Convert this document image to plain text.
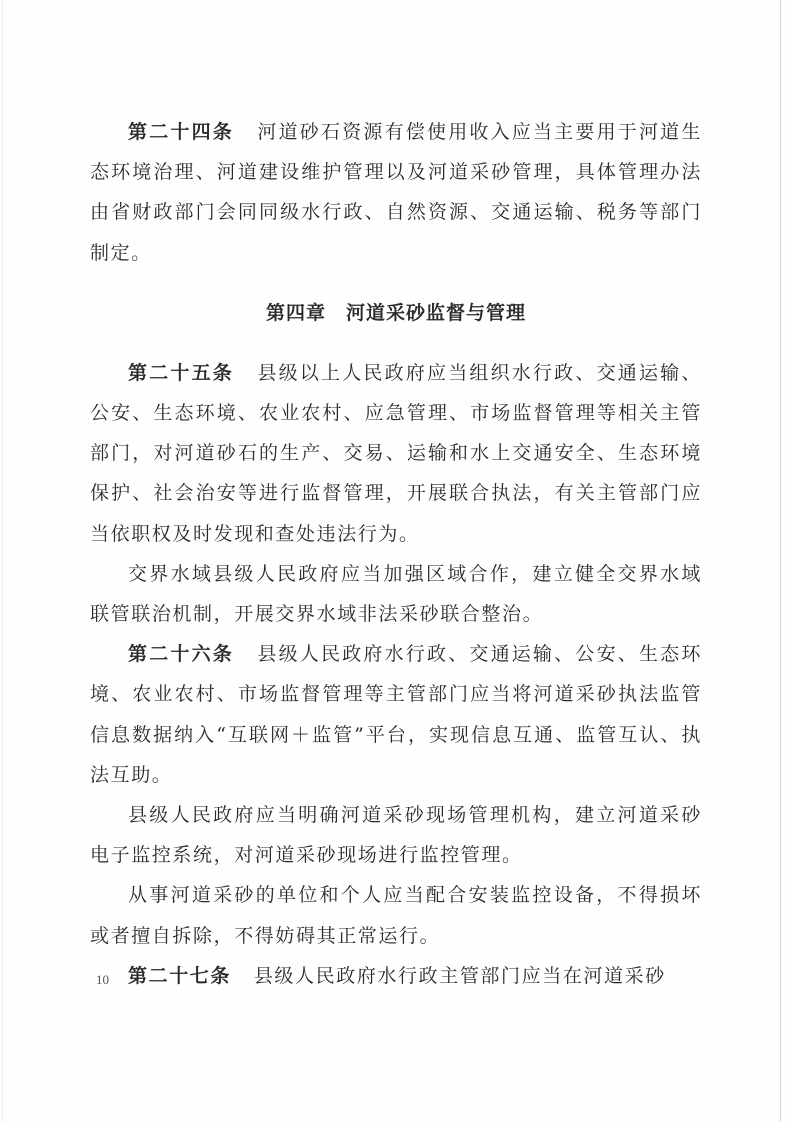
第二十四条 河道砂石资源有偿使用收入应当主要用于河道生态环境治理、河道建设维护管理以及河道采砂管理，具体管理办法由省财政部门会同同级水行政、自然资源、交通运输、税务等部门制定。

第四章　河道采砂监督与管理

第二十五条 县级以上人民政府应当组织水行政、交通运输、公安、生态环境、农业农村、应急管理、市场监督管理等相关主管部门，对河道砂石的生产、交易、运输和水上交通安全、生态环境保护、社会治安等进行监督管理，开展联合执法，有关主管部门应当依职权及时发现和查处违法行为。

交界水域县级人民政府应当加强区域合作，建立健全交界水域联管联治机制，开展交界水域非法采砂联合整治。

第二十六条 县级人民政府水行政、交通运输、公安、生态环境、农业农村、市场监督管理等主管部门应当将河道采砂执法监管信息数据纳入“互联网＋监管”平台，实现信息互通、监管互认、执法互助。

县级人民政府应当明确河道采砂现场管理机构，建立河道采砂电子监控系统，对河道采砂现场进行监控管理。

从事河道采砂的单位和个人应当配合安装监控设备，不得损坏或者擅自拆除，不得妨碍其正常运行。

第二十七条 县级人民政府水行政主管部门应当在河道采砂

10
